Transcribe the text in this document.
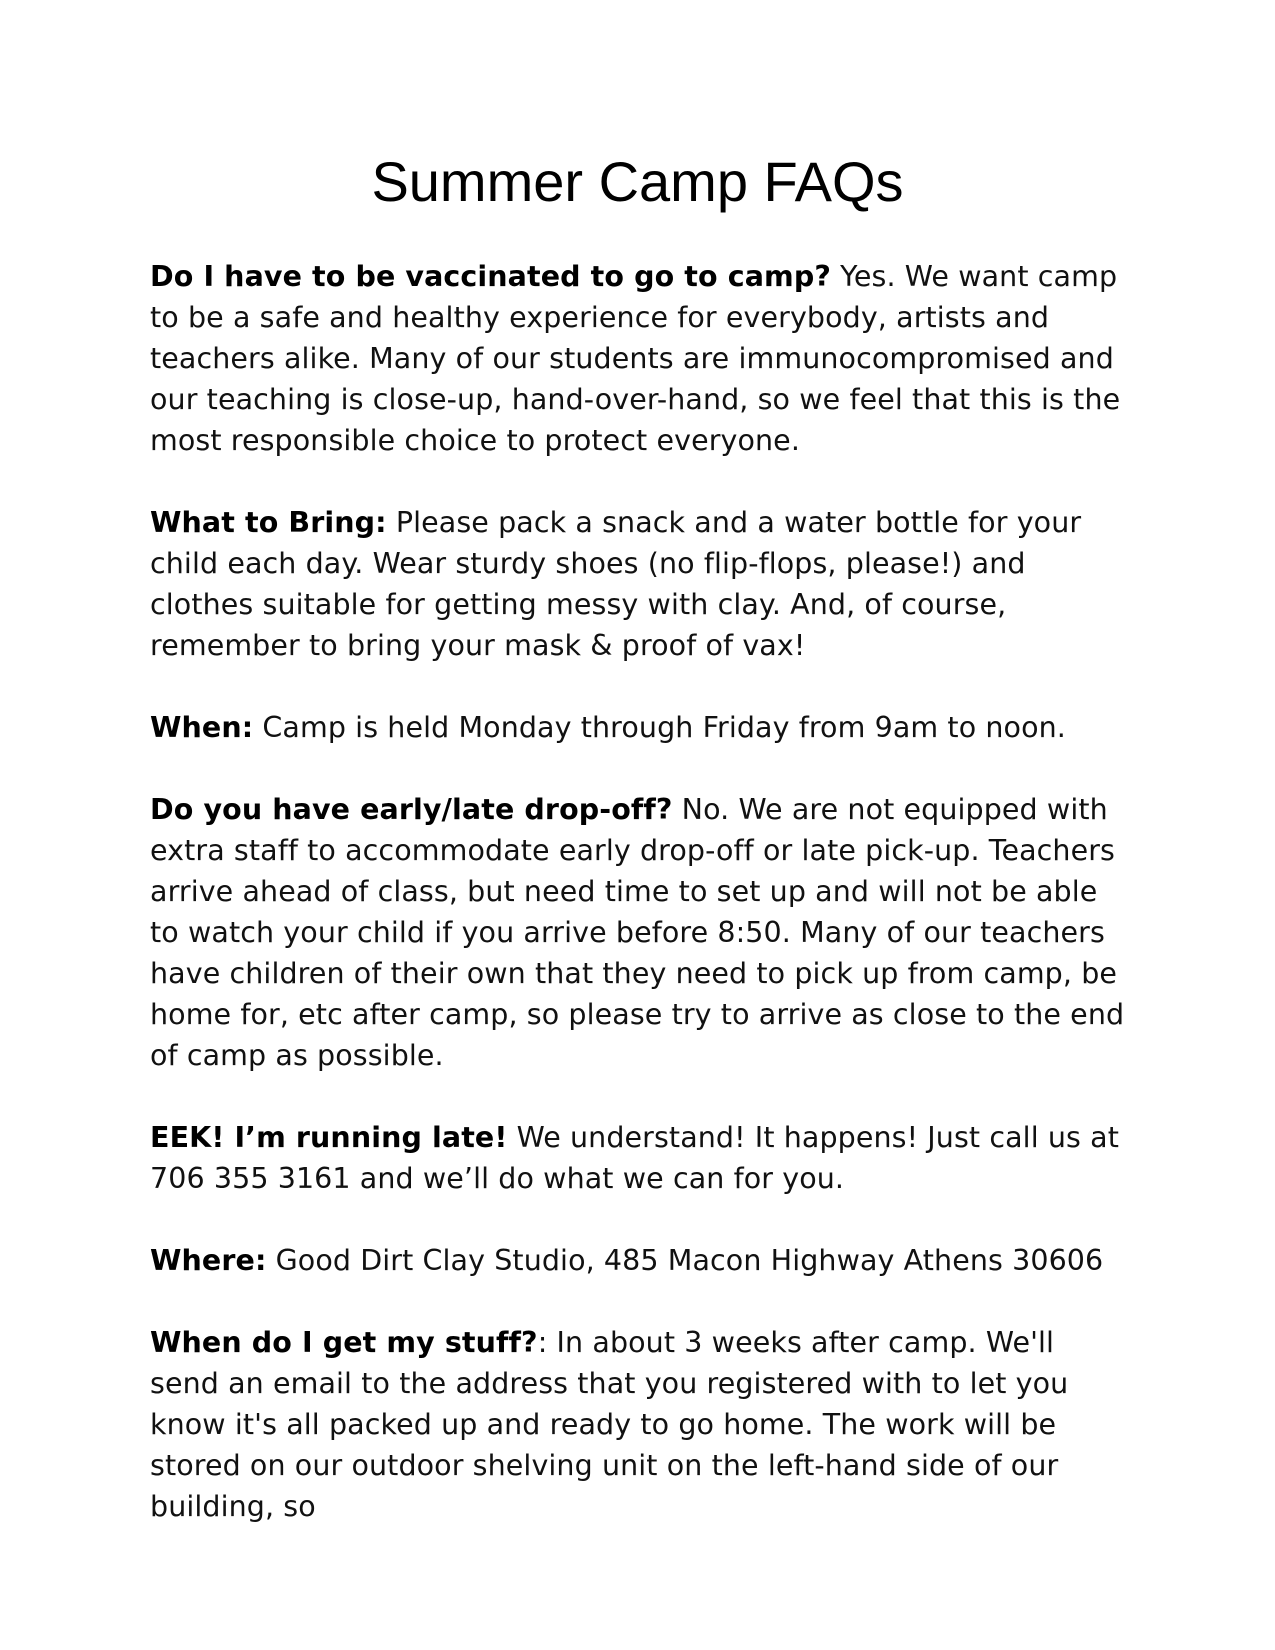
Summer Camp FAQs

Do I have to be vaccinated to go to camp? Yes. We want camp to be a safe and healthy experience for everybody, artists and teachers alike. Many of our students are immunocompromised and our teaching is close-up, hand-over-hand, so we feel that this is the most responsible choice to protect everyone.

What to Bring: Please pack a snack and a water bottle for your child each day. Wear sturdy shoes (no flip-flops, please!) and clothes suitable for getting messy with clay. And, of course, remember to bring your mask & proof of vax!

When: Camp is held Monday through Friday from 9am to noon.

Do you have early/late drop-off? No. We are not equipped with extra staff to accommodate early drop-off or late pick-up. Teachers arrive ahead of class, but need time to set up and will not be able to watch your child if you arrive before 8:50. Many of our teachers have children of their own that they need to pick up from camp, be home for, etc after camp, so please try to arrive as close to the end of camp as possible.

EEK! I’m running late! We understand! It happens! Just call us at 706 355 3161 and we’ll do what we can for you.

Where: Good Dirt Clay Studio, 485 Macon Highway Athens 30606

When do I get my stuff?: In about 3 weeks after camp. We'll send an email to the address that you registered with to let you know it's all packed up and ready to go home. The work will be stored on our outdoor shelving unit on the left-hand side of our building, so
